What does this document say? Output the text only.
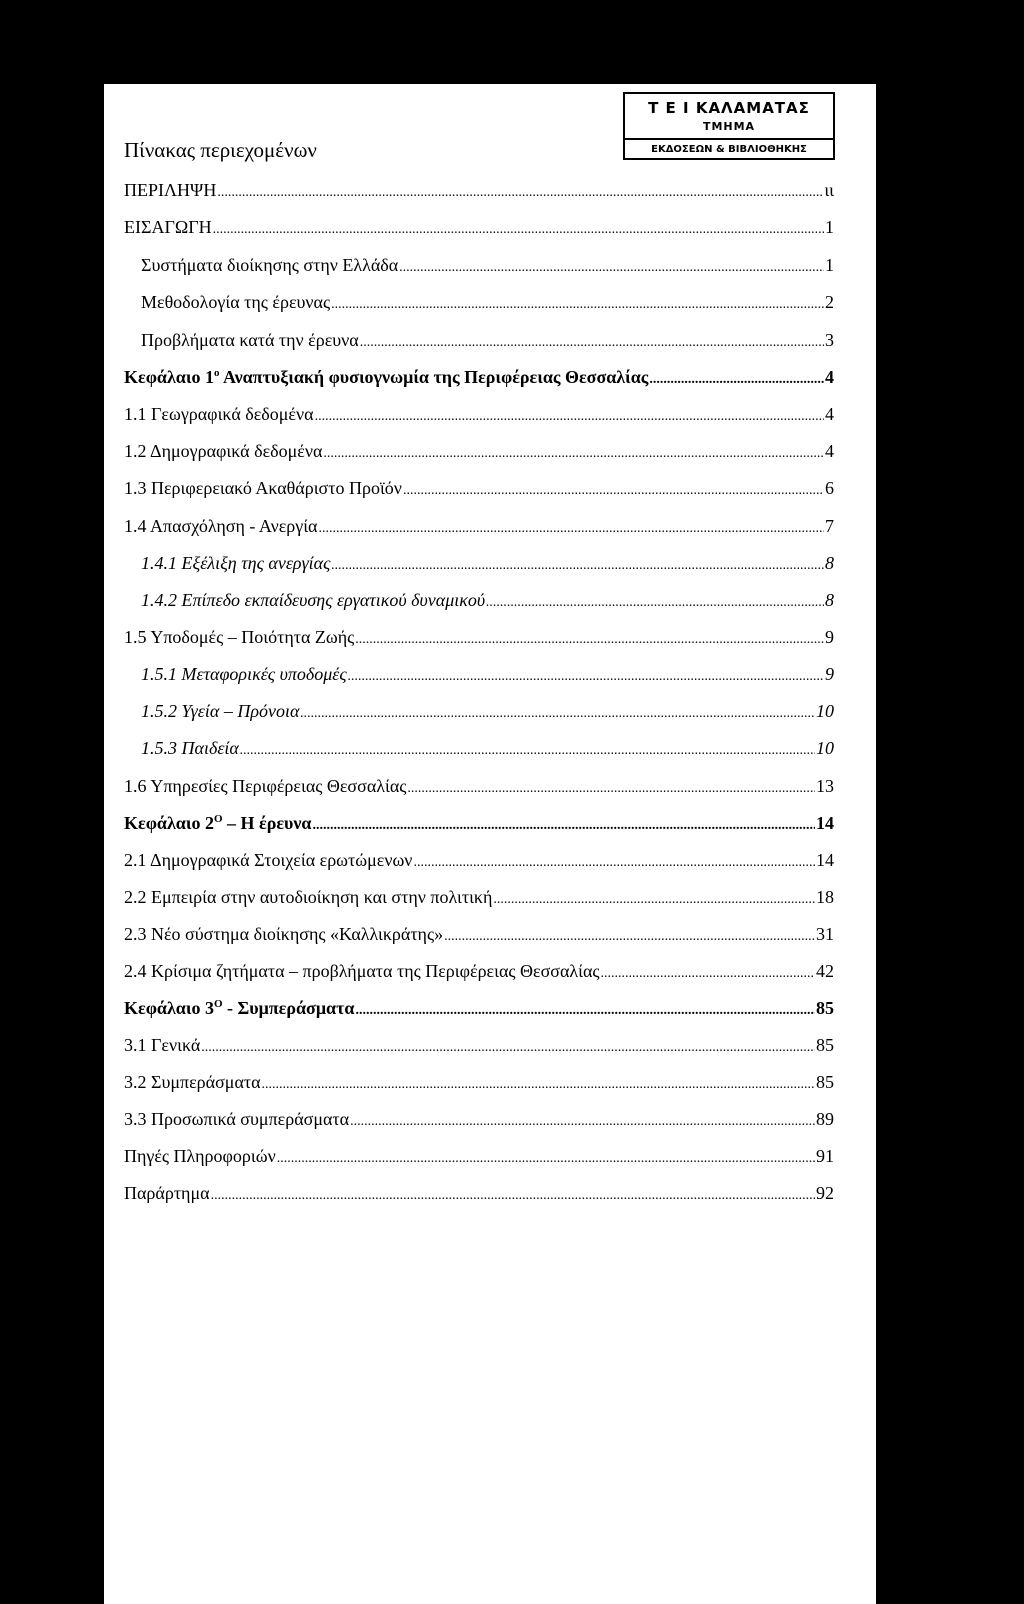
Πίνακας περιεχομένων
Τ Ε Ι ΚΑΛΑΜΑΤΑΣ
ΤΜΗΜΑ
ΕΚΔΟΣΕΩΝ & ΒΙΒΛΙΟΘΗΚΗΣ
ΠΕΡΙΛΗΨΗ .....	ιι
ΕΙΣΑΓΩΓΗ .....	1
Συστήματα διοίκησης στην Ελλάδα .....	1
Μεθοδολογία της έρευνας .....	2
Προβλήματα κατά την έρευνα .....	3
Κεφάλαιο $1^o$ Αναπτυξιακή φυσιογνωμία της Περιφέρειας Θεσσαλίας .....	4
1.1 Γεωγραφικά δεδομένα .....	4
1.2 Δημογραφικά δεδομένα .....	4
1.3 Περιφερειακό Ακαθάριστο Προϊόν .....	6
1.4 Απασχόληση - Ανεργία .....	7
1.4.1 Εξέλιξη της ανεργίας .....	8
1.4.2 Επίπεδο εκπαίδευσης εργατικού δυναμικού .....	8
1.5 Υποδομές – Ποιότητα Ζωής .....	9
1.5.1 Μεταφορικές υποδομές .....	9
1.5.2 Υγεία – Πρόνοια .....	10
1.5.3 Παιδεία .....	10
1.6 Υπηρεσίες Περιφέρειας Θεσσαλίας .....	13
Κεφάλαιο $2^O$ – Η έρευνα .....	14
2.1 Δημογραφικά Στοιχεία ερωτώμενων .....	14
2.2 Εμπειρία στην αυτοδιοίκηση και στην πολιτική .....	18
2.3 Νέο σύστημα διοίκησης «Καλλικράτης» .....	31
2.4 Κρίσιμα ζητήματα – προβλήματα της Περιφέρειας Θεσσαλίας .....	42
Κεφάλαιο $3^O$ - Συμπεράσματα .....	85
3.1 Γενικά .....	85
3.2 Συμπεράσματα .....	85
3.3 Προσωπικά συμπεράσματα .....	89
Πηγές Πληροφοριών .....	91
Παράρτημα .....	92
